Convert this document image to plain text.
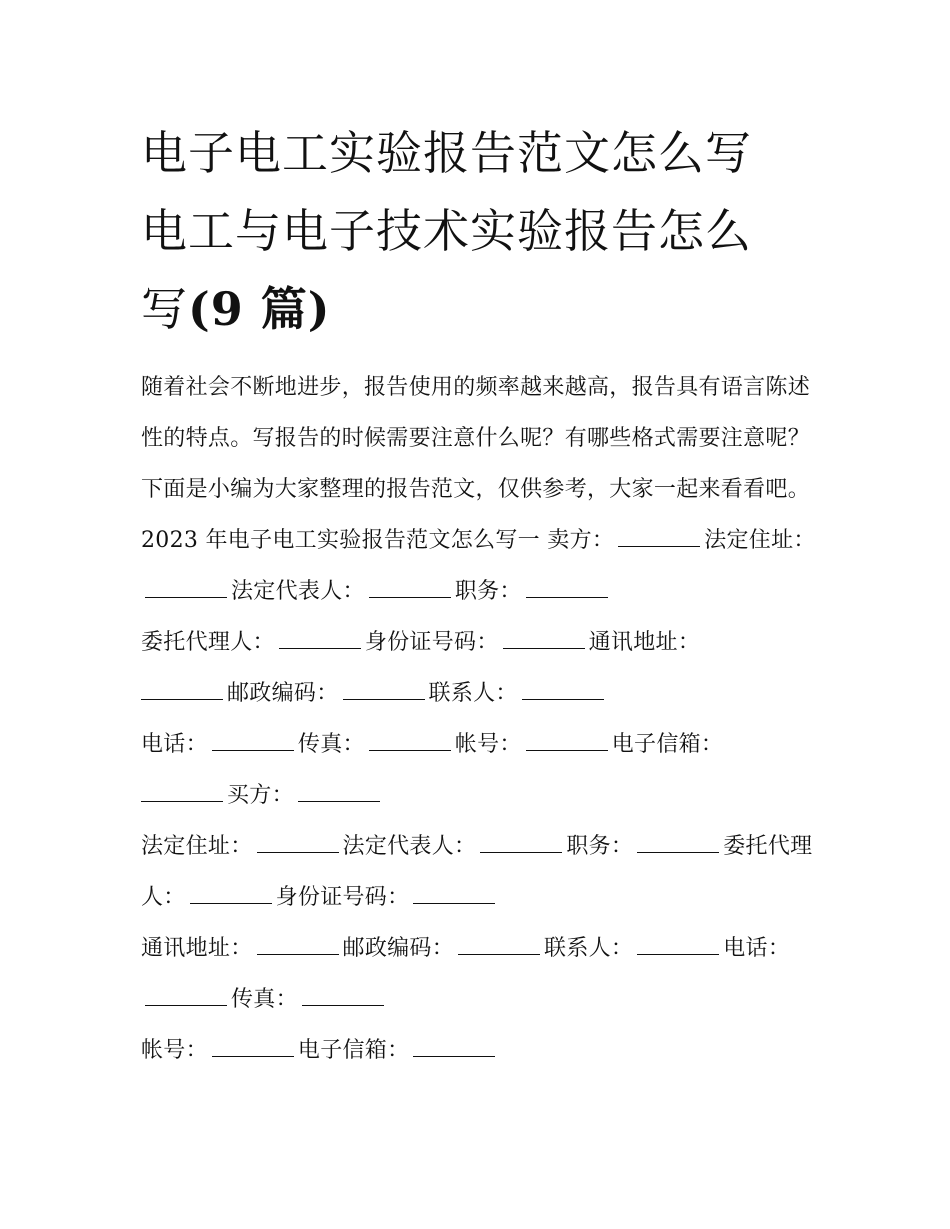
电子电工实验报告范文怎么写
电工与电子技术实验报告怎么
写(9 篇)

随着社会不断地进步，报告使用的频率越来越高，报告具有语言陈述性的特点。写报告的时候需要注意什么呢？有哪些格式需要注意呢？下面是小编为大家整理的报告范文，仅供参考，大家一起来看看吧。

2023 年电子电工实验报告范文怎么写一 卖方：	法定住址：法定代表人：	职务：

委托代理人：	身份证号码：	通讯地址：
邮政编码：	联系人：

电话：	传真：	帐号：	电子信箱：
买方：

法定住址：	法定代表人：	职务：	委托代理人：	身份证号码：

通讯地址：	邮政编码：	联系人：	电话：传真：

帐号：	电子信箱：
